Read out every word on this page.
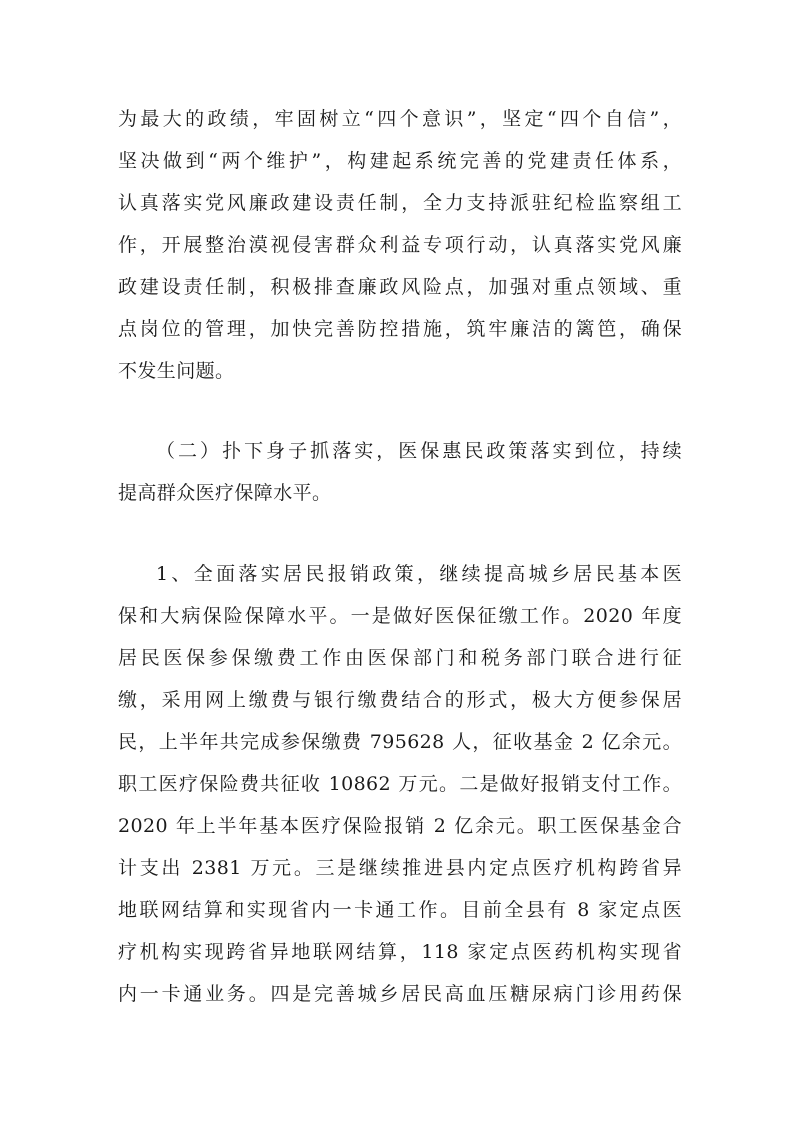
为最大的政绩，牢固树立“四个意识”，坚定“四个自信”，
坚决做到“两个维护”，构建起系统完善的党建责任体系，
认真落实党风廉政建设责任制，全力支持派驻纪检监察组工
作，开展整治漠视侵害群众利益专项行动，认真落实党风廉
政建设责任制，积极排查廉政风险点，加强对重点领域、重
点岗位的管理，加快完善防控措施，筑牢廉洁的篱笆，确保
不发生问题。
（二）扑下身子抓落实，医保惠民政策落实到位，持续
提高群众医疗保障水平。
1、全面落实居民报销政策，继续提高城乡居民基本医
保和大病保险保障水平。一是做好医保征缴工作。2020 年度
居民医保参保缴费工作由医保部门和税务部门联合进行征
缴，采用网上缴费与银行缴费结合的形式，极大方便参保居
民，上半年共完成参保缴费 795628 人，征收基金 2 亿余元。
职工医疗保险费共征收 10862 万元。二是做好报销支付工作。
2020 年上半年基本医疗保险报销 2 亿余元。职工医保基金合
计支出 2381 万元。三是继续推进县内定点医疗机构跨省异
地联网结算和实现省内一卡通工作。目前全县有 8 家定点医
疗机构实现跨省异地联网结算，118 家定点医药机构实现省
内一卡通业务。四是完善城乡居民高血压糖尿病门诊用药保
